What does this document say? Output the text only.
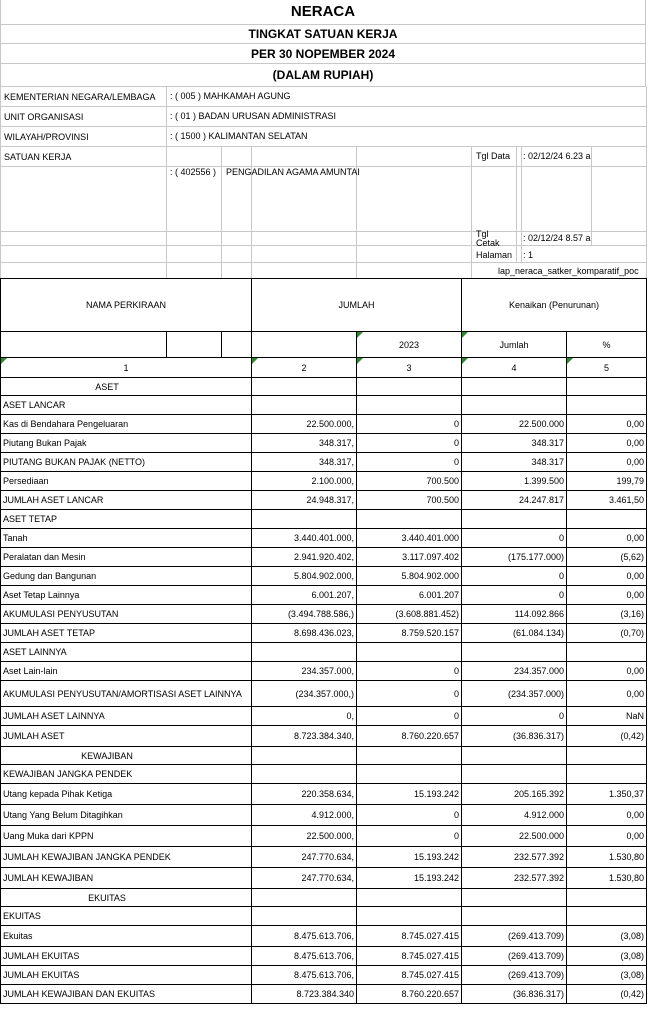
NERACA
TINGKAT SATUAN KERJA
PER 30 NOPEMBER 2024
(DALAM RUPIAH)
KEMENTERIAN NEGARA/LEMBAGA : ( 005 ) MAHKAMAH AGUNG
UNIT ORGANISASI	: ( 01 ) BADAN URUSAN ADMINISTRASI
WILAYAH/PROVINSI	: ( 1500 ) KALIMANTAN SELATAN
SATUAN KERJA
: ( 402556 ) PENGADILAN AGAMA AMUNTAI
Tgl Data : 02/12/24 6.23 a
Tgl Cetak	: 02/12/24 8.57 a
Halaman : 1
lap_neraca_satker_komparatif_poc
NAMA PERKIRAAN			JUMLAH		Kenaikan (Penurunan)	
				2023	Jumlah	%
1			2	3	4	5
ASET						
ASET LANCAR						
Kas di Bendahara Pengeluaran			22.500.000,	0	22.500.000	0,00
Piutang Bukan Pajak			348.317,	0	348.317	0,00
PIUTANG BUKAN PAJAK (NETTO)			348.317,	0	348.317	0,00
Persediaan			2.100.000,	700.500	1.399.500	199,79
JUMLAH ASET LANCAR			24.948.317,	700.500	24.247.817	3.461,50
ASET TETAP						
Tanah			3.440.401.000,	3.440.401.000	0	0,00
Peralatan dan Mesin			2.941.920.402,	3.117.097.402	(175.177.000)	(5,62)
Gedung dan Bangunan			5.804.902.000,	5.804.902.000	0	0,00
Aset Tetap Lainnya			6.001.207,	6.001.207	0	0,00
AKUMULASI PENYUSUTAN			(3.494.788.586,)	(3.608.881.452)	114.092.866	(3,16)
JUMLAH ASET TETAP			8.698.436.023,	8.759.520.157	(61.084.134)	(0,70)
ASET LAINNYA						
Aset Lain-lain			234.357.000,	0	234.357.000	0,00
AKUMULASI PENYUSUTAN/AMORTISASI ASET LAINNYA			(234.357.000,)	0	(234.357.000)	0,00
JUMLAH ASET LAINNYA			0,	0	0	NaN
JUMLAH ASET			8.723.384.340,	8.760.220.657	(36.836.317)	(0,42)
KEWAJIBAN						
KEWAJIBAN JANGKA PENDEK						
Utang kepada Pihak Ketiga			220.358.634,	15.193.242	205.165.392	1.350,37
Utang Yang Belum Ditagihkan			4.912.000,	0	4.912.000	0,00
Uang Muka dari KPPN			22.500.000,	0	22.500.000	0,00
JUMLAH KEWAJIBAN JANGKA PENDEK			247.770.634,	15.193.242	232.577.392	1.530,80
JUMLAH KEWAJIBAN			247.770.634,	15.193.242	232.577.392	1.530,80
EKUITAS						
EKUITAS						
Ekuitas			8.475.613.706,	8.745.027.415	(269.413.709)	(3,08)
JUMLAH EKUITAS			8.475.613.706,	8.745.027.415	(269.413.709)	(3,08)
JUMLAH EKUITAS			8.475.613.706,	8.745.027.415	(269.413.709)	(3,08)
JUMLAH KEWAJIBAN DAN EKUITAS			8.723.384.340	8.760.220.657	(36.836.317)	(0,42)
